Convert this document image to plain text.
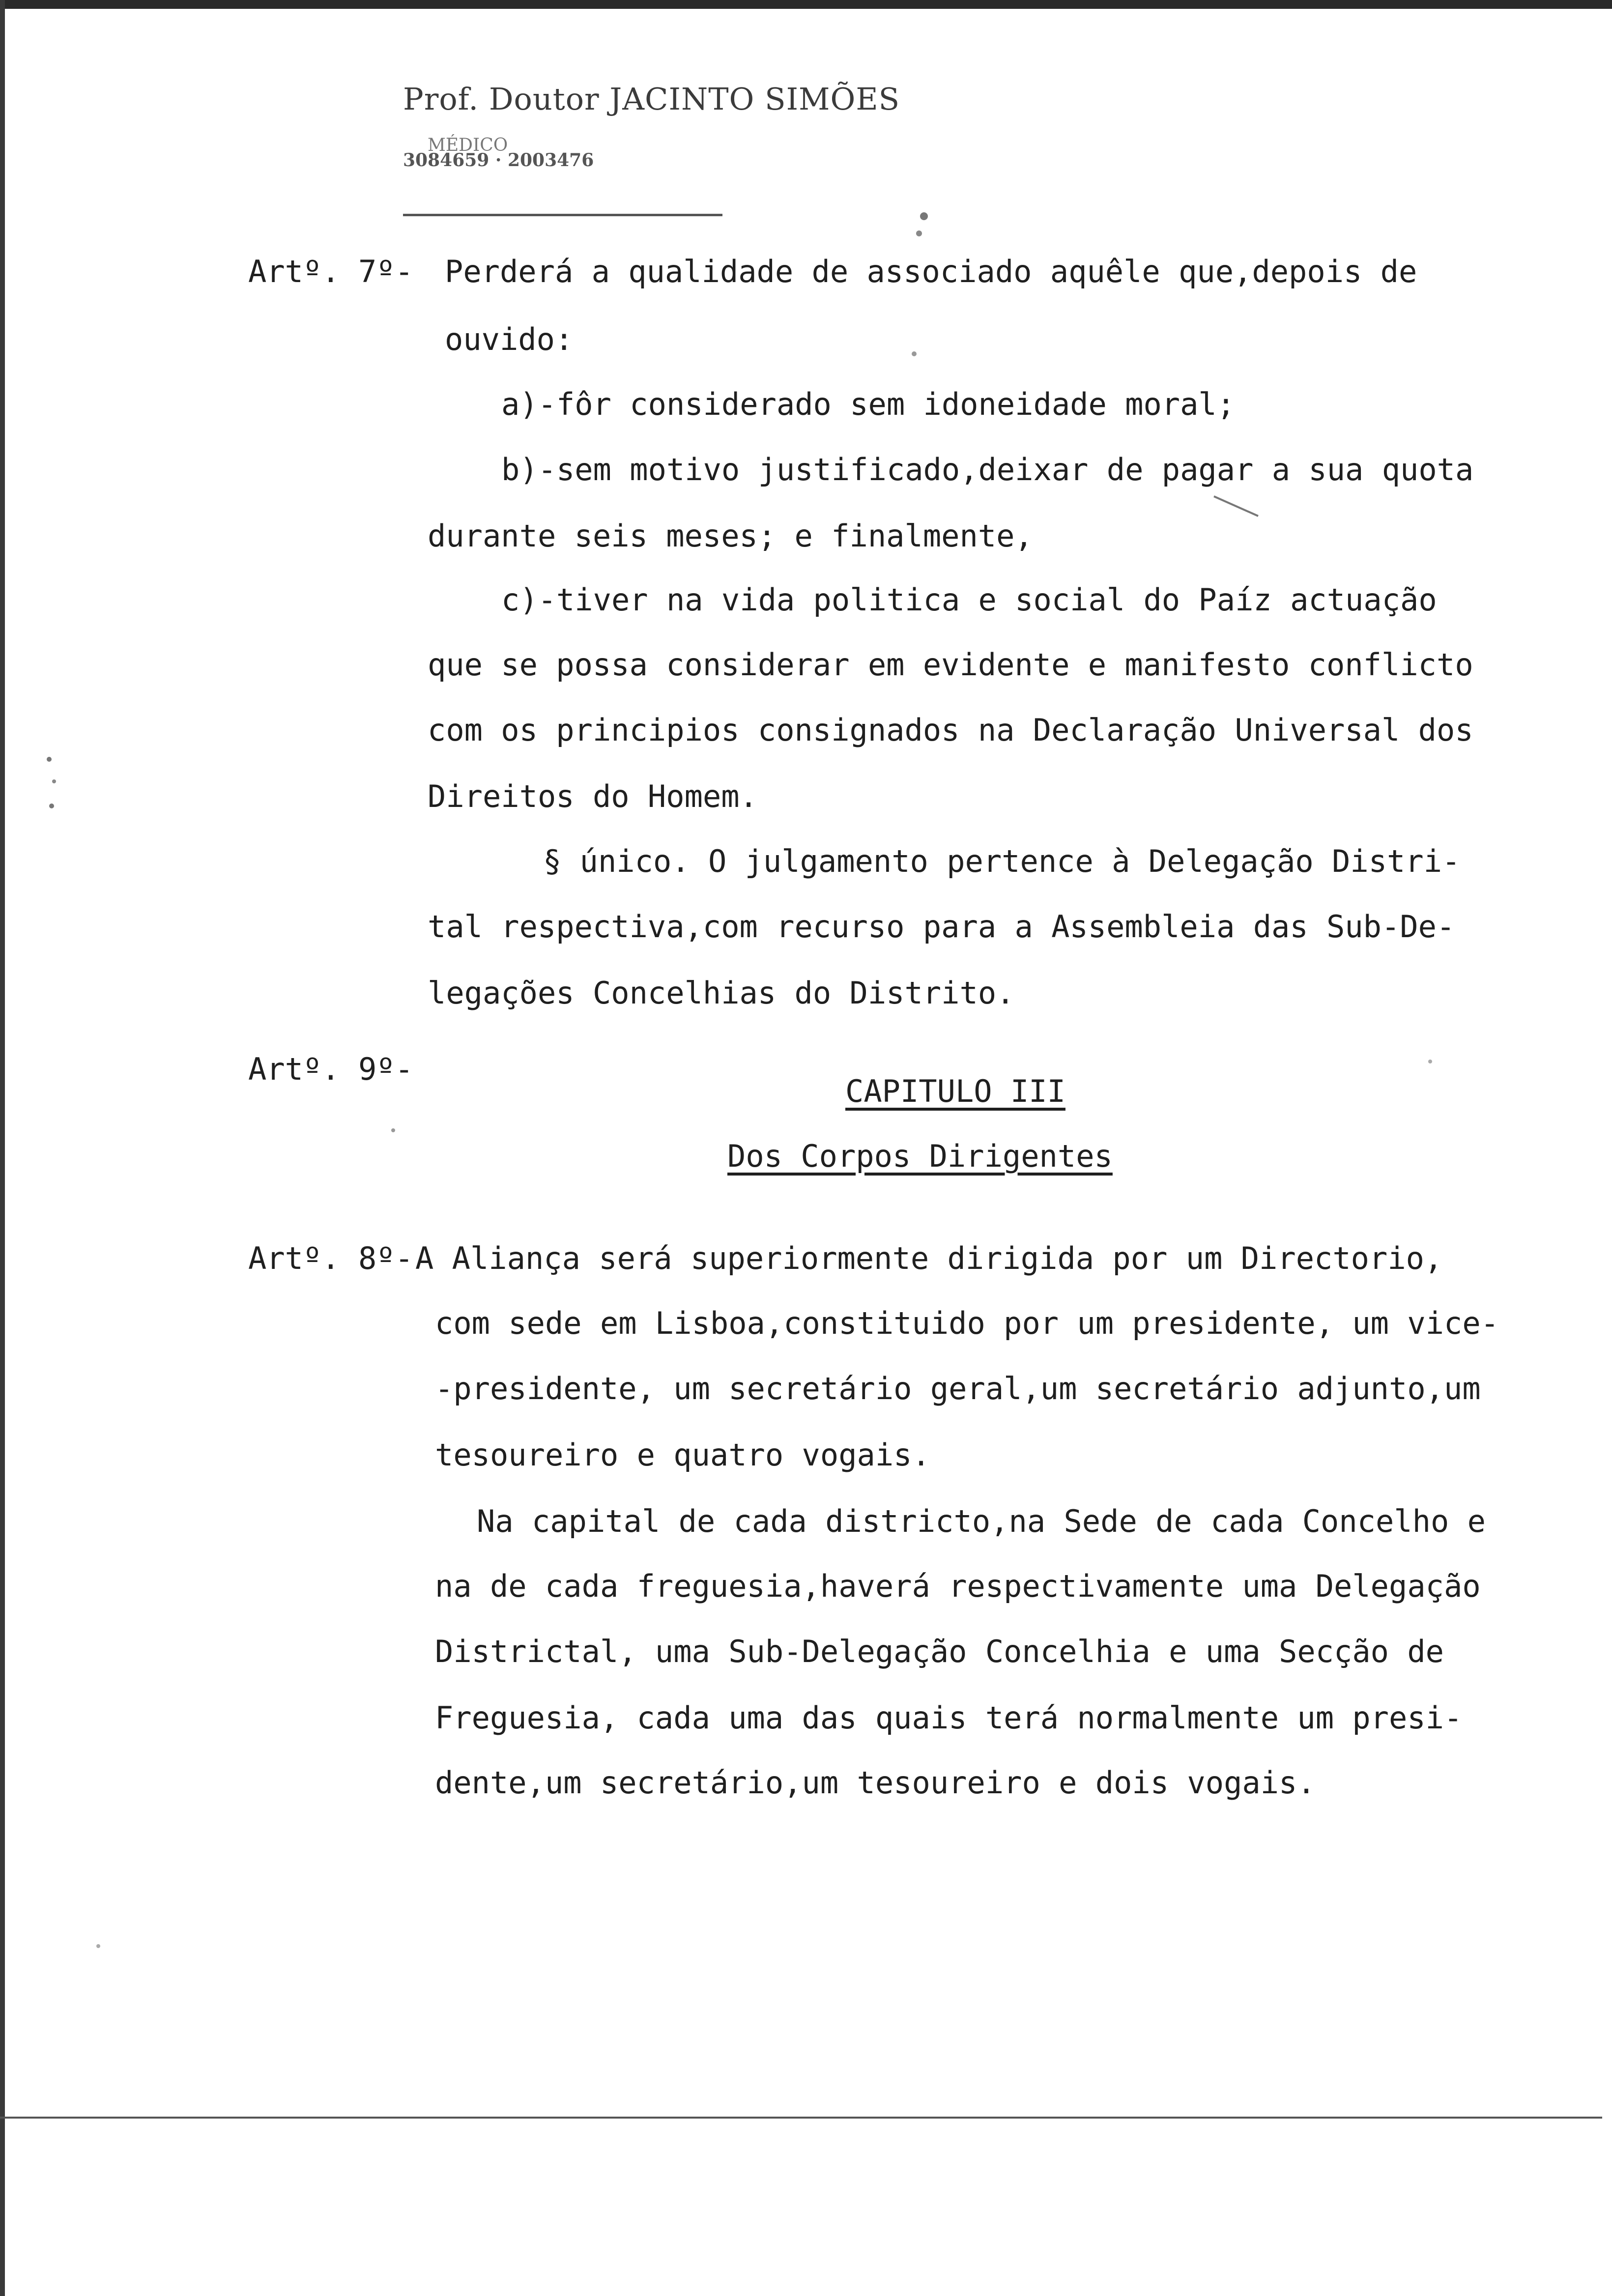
Prof. Doutor JACINTO SIMÕES
MÉDICO
3084659 · 2003476
Artº. 7º- Perderá a qualidade de associado aquêle que,depois de
ouvido:
a)-fôr considerado sem idoneidade moral;
b)-sem motivo justificado,deixar de pagar a sua quota
durante seis meses; e finalmente,
c)-tiver na vida politica e social do Paíz actuação
que se possa considerar em evidente e manifesto conflicto
com os principios consignados na Declaração Universal dos
Direitos do Homem.
§ único. O julgamento pertence à Delegação Distri-
tal respectiva,com recurso para a Assembleia das Sub-De-
legações Concelhias do Distrito.
Artº. 9º-
CAPITULO III
Dos Corpos Dirigentes
Artº. 8º- A Aliança será superiormente dirigida por um Directorio,
com sede em Lisboa,constituido por um presidente, um vice-
-presidente, um secretário geral,um secretário adjunto,um
tesoureiro e quatro vogais.
Na capital de cada districto,na Sede de cada Concelho e
na de cada freguesia,haverá respectivamente uma Delegação
Districtal, uma Sub-Delegação Concelhia e uma Secção de
Freguesia, cada uma das quais terá normalmente um presi-
dente,um secretário,um tesoureiro e dois vogais.
